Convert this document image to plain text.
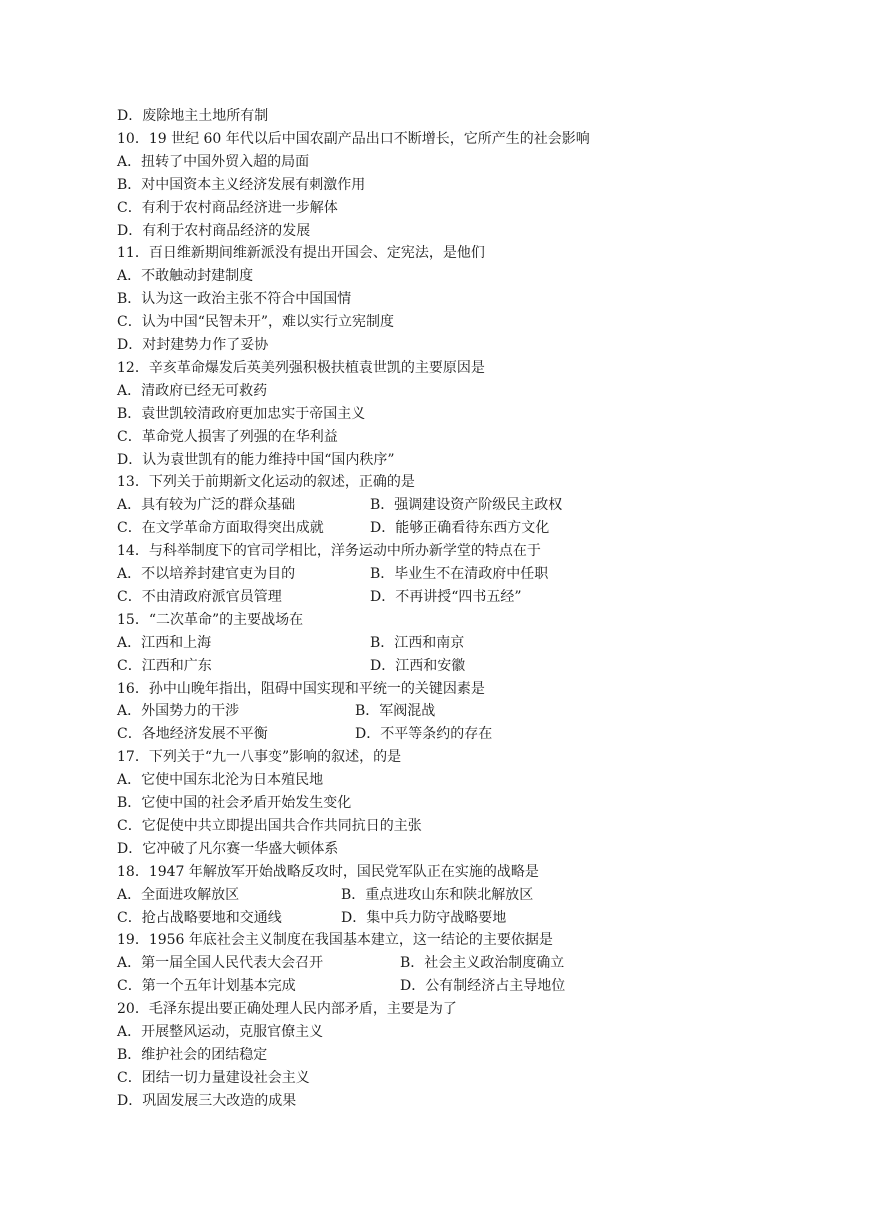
D．废除地主土地所有制
10．19 世纪 60 年代以后中国农副产品出口不断增长，它所产生的社会影响
A．扭转了中国外贸入超的局面
B．对中国资本主义经济发展有刺激作用
C．有利于农村商品经济进一步解体
D．有利于农村商品经济的发展
11．百日维新期间维新派没有提出开国会、定宪法，是他们
A．不敢触动封建制度
B．认为这一政治主张不符合中国国情
C．认为中国“民智未开”，难以实行立宪制度
D．对封建势力作了妥协
12．辛亥革命爆发后英美列强积极扶植袁世凯的主要原因是
A．清政府已经无可救药
B．袁世凯较清政府更加忠实于帝国主义
C．革命党人损害了列强的在华利益
D．认为袁世凯有的能力维持中国“国内秩序”
13．下列关于前期新文化运动的叙述，正确的是
A．具有较为广泛的群众基础	B．强调建设资产阶级民主政权
C．在文学革命方面取得突出成就	D．能够正确看待东西方文化
14．与科举制度下的官司学相比，洋务运动中所办新学堂的特点在于
A．不以培养封建官吏为目的	B．毕业生不在清政府中任职
C．不由清政府派官员管理	D．不再讲授“四书五经”
15．“二次革命”的主要战场在
A．江西和上海	B．江西和南京
C．江西和广东	D．江西和安徽
16．孙中山晚年指出，阻碍中国实现和平统一的关键因素是
A．外国势力的干涉	B．军阀混战
C．各地经济发展不平衡	D．不平等条约的存在
17．下列关于“九一八事变”影响的叙述，的是
A．它使中国东北沦为日本殖民地
B．它使中国的社会矛盾开始发生变化
C．它促使中共立即提出国共合作共同抗日的主张
D．它冲破了凡尔赛一华盛大顿体系
18．1947 年解放军开始战略反攻时，国民党军队正在实施的战略是
A．全面进攻解放区	B．重点进攻山东和陕北解放区
C．抢占战略要地和交通线	D．集中兵力防守战略要地
19．1956 年底社会主义制度在我国基本建立，这一结论的主要依据是
A．第一届全国人民代表大会召开	B．社会主义政治制度确立
C．第一个五年计划基本完成	D．公有制经济占主导地位
20．毛泽东提出要正确处理人民内部矛盾，主要是为了
A．开展整风运动，克服官僚主义
B．维护社会的团结稳定
C．团结一切力量建设社会主义
D．巩固发展三大改造的成果
